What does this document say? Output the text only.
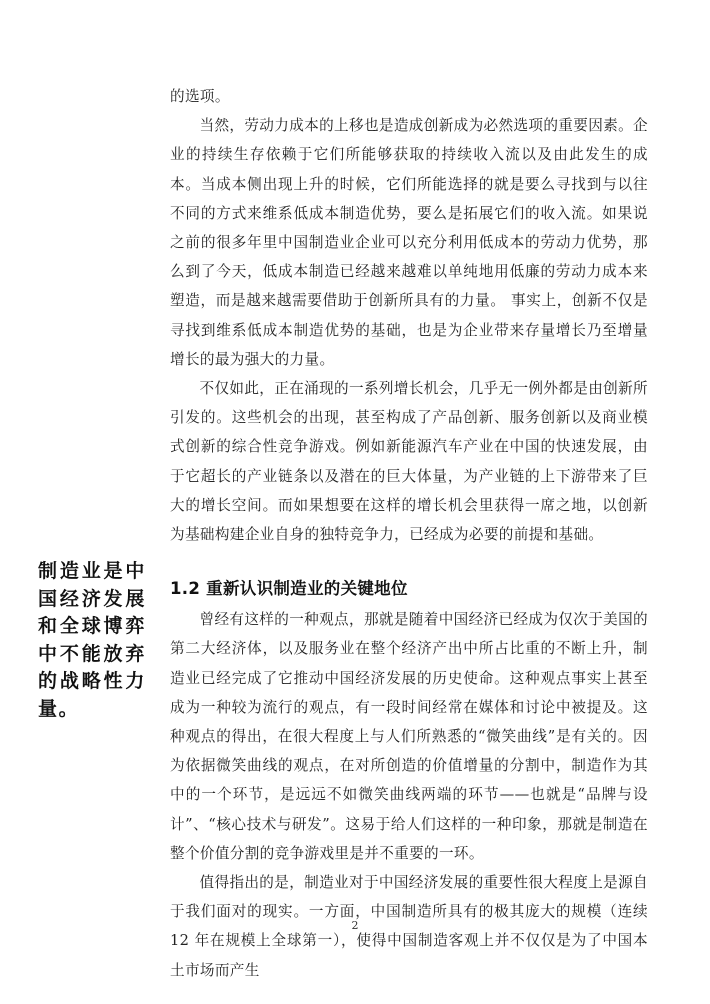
的选项。

当然，劳动力成本的上移也是造成创新成为必然选项的重要因素。企业的持续生存依赖于它们所能够获取的持续收入流以及由此发生的成本。当成本侧出现上升的时候，它们所能选择的就是要么寻找到与以往不同的方式来维系低成本制造优势，要么是拓展它们的收入流。如果说之前的很多年里中国制造业企业可以充分利用低成本的劳动力优势，那么到了今天，低成本制造已经越来越难以单纯地用低廉的劳动力成本来塑造，而是越来越需要借助于创新所具有的力量。 事实上，创新不仅是寻找到维系低成本制造优势的基础，也是为企业带来存量增长乃至增量增长的最为强大的力量。

不仅如此，正在涌现的一系列增长机会，几乎无一例外都是由创新所引发的。这些机会的出现，甚至构成了产品创新、服务创新以及商业模式创新的综合性竞争游戏。例如新能源汽车产业在中国的快速发展，由于它超长的产业链条以及潜在的巨大体量，为产业链的上下游带来了巨大的增长空间。而如果想要在这样的增长机会里获得一席之地，以创新为基础构建企业自身的独特竞争力，已经成为必要的前提和基础。

1.2 重新认识制造业的关键地位

曾经有这样的一种观点，那就是随着中国经济已经成为仅次于美国的第二大经济体，以及服务业在整个经济产出中所占比重的不断上升，制造业已经完成了它推动中国经济发展的历史使命。这种观点事实上甚至成为一种较为流行的观点，有一段时间经常在媒体和讨论中被提及。这种观点的得出，在很大程度上与人们所熟悉的“微笑曲线”是有关的。因为依据微笑曲线的观点，在对所创造的价值增量的分割中，制造作为其中的一个环节，是远远不如微笑曲线两端的环节——也就是“品牌与设计”、“核心技术与研发”。这易于给人们这样的一种印象，那就是制造在整个价值分割的竞争游戏里是并不重要的一环。

值得指出的是，制造业对于中国经济发展的重要性很大程度上是源自于我们面对的现实。一方面，中国制造所具有的极其庞大的规模（连续 12 年在规模上全球第一），使得中国制造客观上并不仅仅是为了中国本土市场而产生

制造业是中国经济发展和全球博弈中不能放弃的战略性力量。
2
